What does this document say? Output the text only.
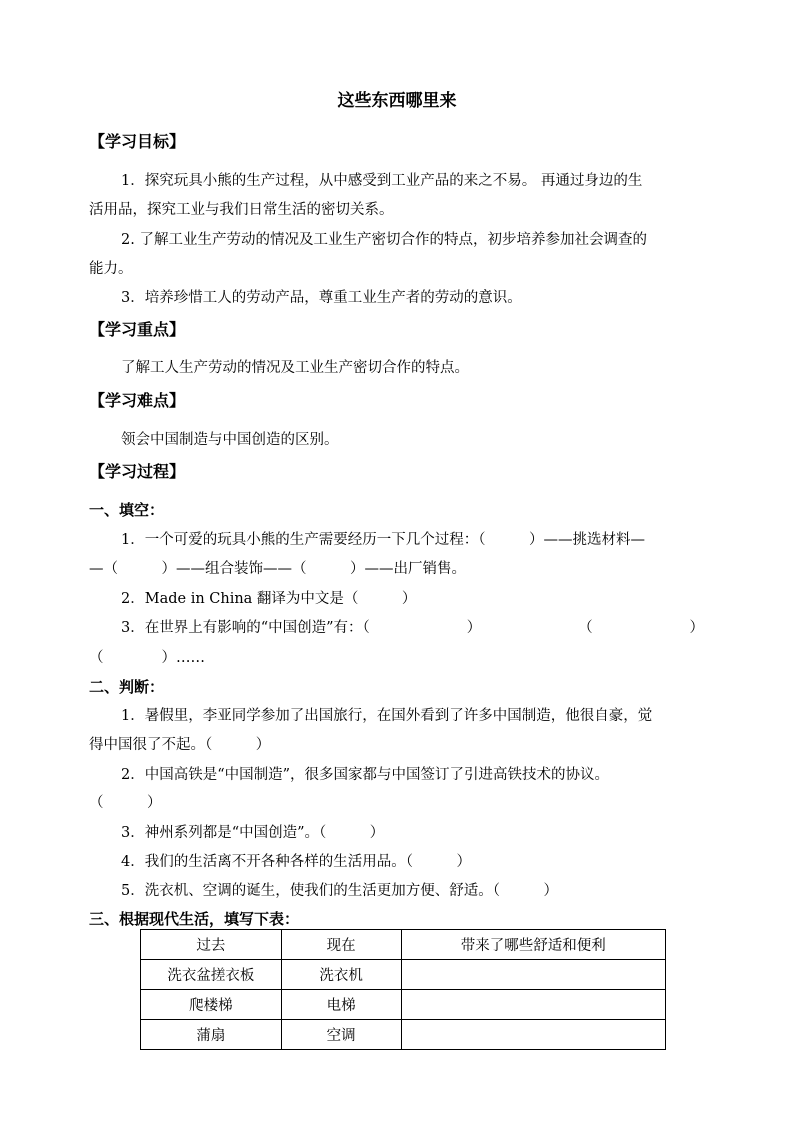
这些东西哪里来
【学习目标】
1．探究玩具小熊的生产过程，从中感受到工业产品的来之不易。 再通过身边的生
活用品，探究工业与我们日常生活的密切关系。
2. 了解工业生产劳动的情况及工业生产密切合作的特点，初步培养参加社会调查的
能力。
3．培养珍惜工人的劳动产品，尊重工业生产者的劳动的意识。
【学习重点】
了解工人生产劳动的情况及工业生产密切合作的特点。
【学习难点】
领会中国制造与中国创造的区别。
【学习过程】
一、填空：
1．一个可爱的玩具小熊的生产需要经历一下几个过程：（　　　）——挑选材料—
—（　　　）——组合装饰——（　　　）——出厂销售。
2．Made in China 翻译为中文是（　　　）
3．在世界上有影响的“中国创造”有：（	）	（	）
（　　　　）……
二、判断：
1．暑假里，李亚同学参加了出国旅行，在国外看到了许多中国制造，他很自豪，觉
得中国很了不起。（　　　）
2．中国高铁是“中国制造”，很多国家都与中国签订了引进高铁技术的协议。
（　　　）
3．神州系列都是“中国创造”。（　　　）
4．我们的生活离不开各种各样的生活用品。（　　　）
5．洗衣机、空调的诞生，使我们的生活更加方便、舒适。（　　　）
三、根据现代生活，填写下表：
过去	现在	带来了哪些舒适和便利
洗衣盆搓衣板	洗衣机	
爬楼梯	电梯	
蒲扇	空调	
